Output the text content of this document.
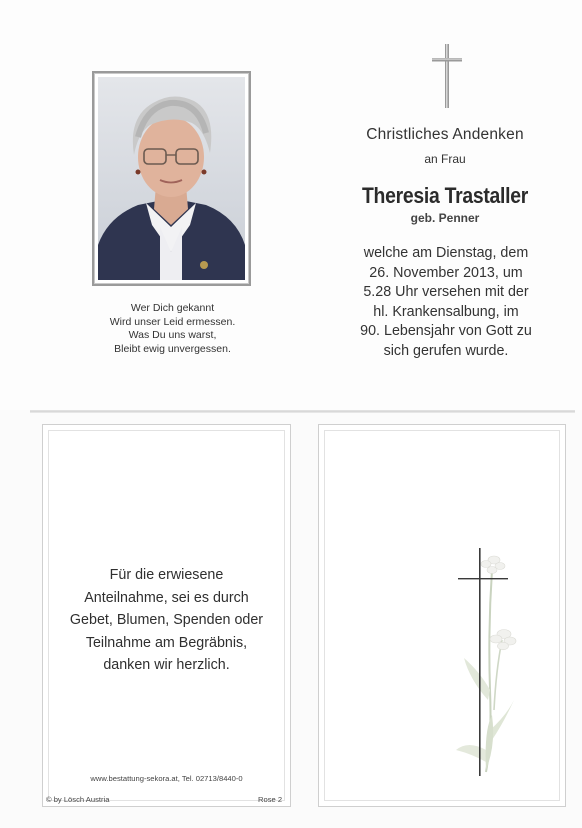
Wer Dich gekannt
Wird unser Leid ermessen.
Was Du uns warst,
Bleibt ewig unvergessen.
Christliches Andenken
an Frau
Theresia Trastaller
geb. Penner
welche am Dienstag, dem
26. November 2013, um
5.28 Uhr versehen mit der
hl. Krankensalbung, im
90. Lebensjahr von Gott zu
sich gerufen wurde.
Für die erwiesene
Anteilnahme, sei es durch
Gebet, Blumen, Spenden oder
Teilnahme am Begräbnis,
danken wir herzlich.
www.bestattung-sekora.at, Tel. 02713/8440-0
© by Lösch Austria	Rose 2
